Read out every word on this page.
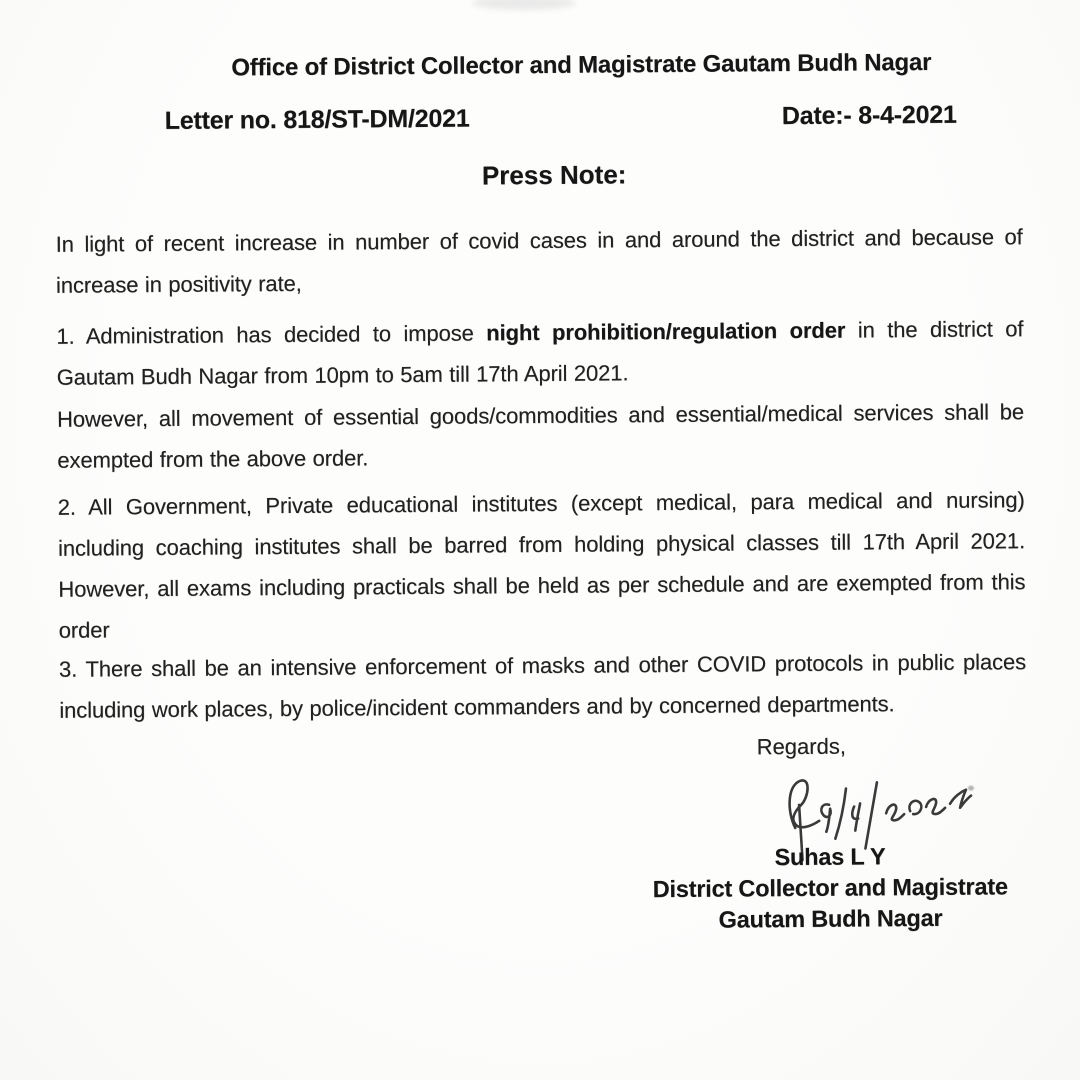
Office of District Collector and Magistrate Gautam Budh Nagar
Letter no. 818/ST-DM/2021	Date:- 8-4-2021
Press Note:

In light of recent increase in number of covid cases in and around the district and because of increase in positivity rate,

1. Administration has decided to impose night prohibition/regulation order in the district of Gautam Budh Nagar from 10pm to 5am till 17th April 2021.

However, all movement of essential goods/commodities and essential/medical services shall be exempted from the above order.

2. All Government, Private educational institutes (except medical, para medical and nursing) including coaching institutes shall be barred from holding physical classes till 17th April 2021. However, all exams including practicals shall be held as per schedule and are exempted from this order

3. There shall be an intensive enforcement of masks and other COVID protocols in public places including work places, by police/incident commanders and by concerned departments.

Regards,
Suhas L Y
District Collector and Magistrate
Gautam Budh Nagar
